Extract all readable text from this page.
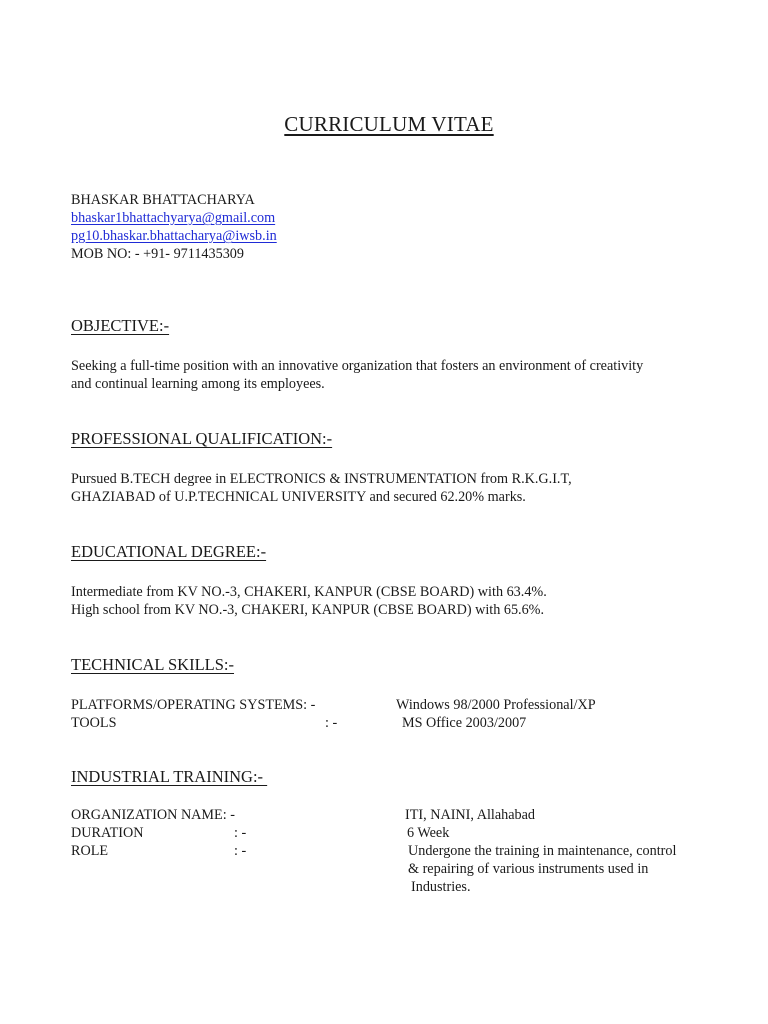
CURRICULUM VITAE
BHASKAR BHATTACHARYA
bhaskar1bhattachyarya@gmail.com
pg10.bhaskar.bhattacharya@iwsb.in
MOB NO: - +91- 9711435309
OBJECTIVE:-
Seeking a full-time position with an innovative organization that fosters an environment of creativity and continual learning among its employees.
PROFESSIONAL QUALIFICATION:-
Pursued B.TECH degree in ELECTRONICS & INSTRUMENTATION from R.K.G.I.T,
GHAZIABAD of U.P.TECHNICAL UNIVERSITY and secured 62.20% marks.
EDUCATIONAL DEGREE:-
Intermediate from KV NO.-3, CHAKERI, KANPUR (CBSE BOARD) with 63.4%.
High school from KV NO.-3, CHAKERI, KANPUR (CBSE BOARD) with 65.6%.
TECHNICAL SKILLS:-
PLATFORMS/OPERATING SYSTEMS: -	Windows 98/2000 Professional/XP
TOOLS	: -	MS Office 2003/2007
INDUSTRIAL TRAINING:-
ORGANIZATION NAME: -	ITI, NAINI, Allahabad
DURATION	: -	6 Week
ROLE	: -	Undergone the training in maintenance, control
& repairing of various instruments used in
Industries.
